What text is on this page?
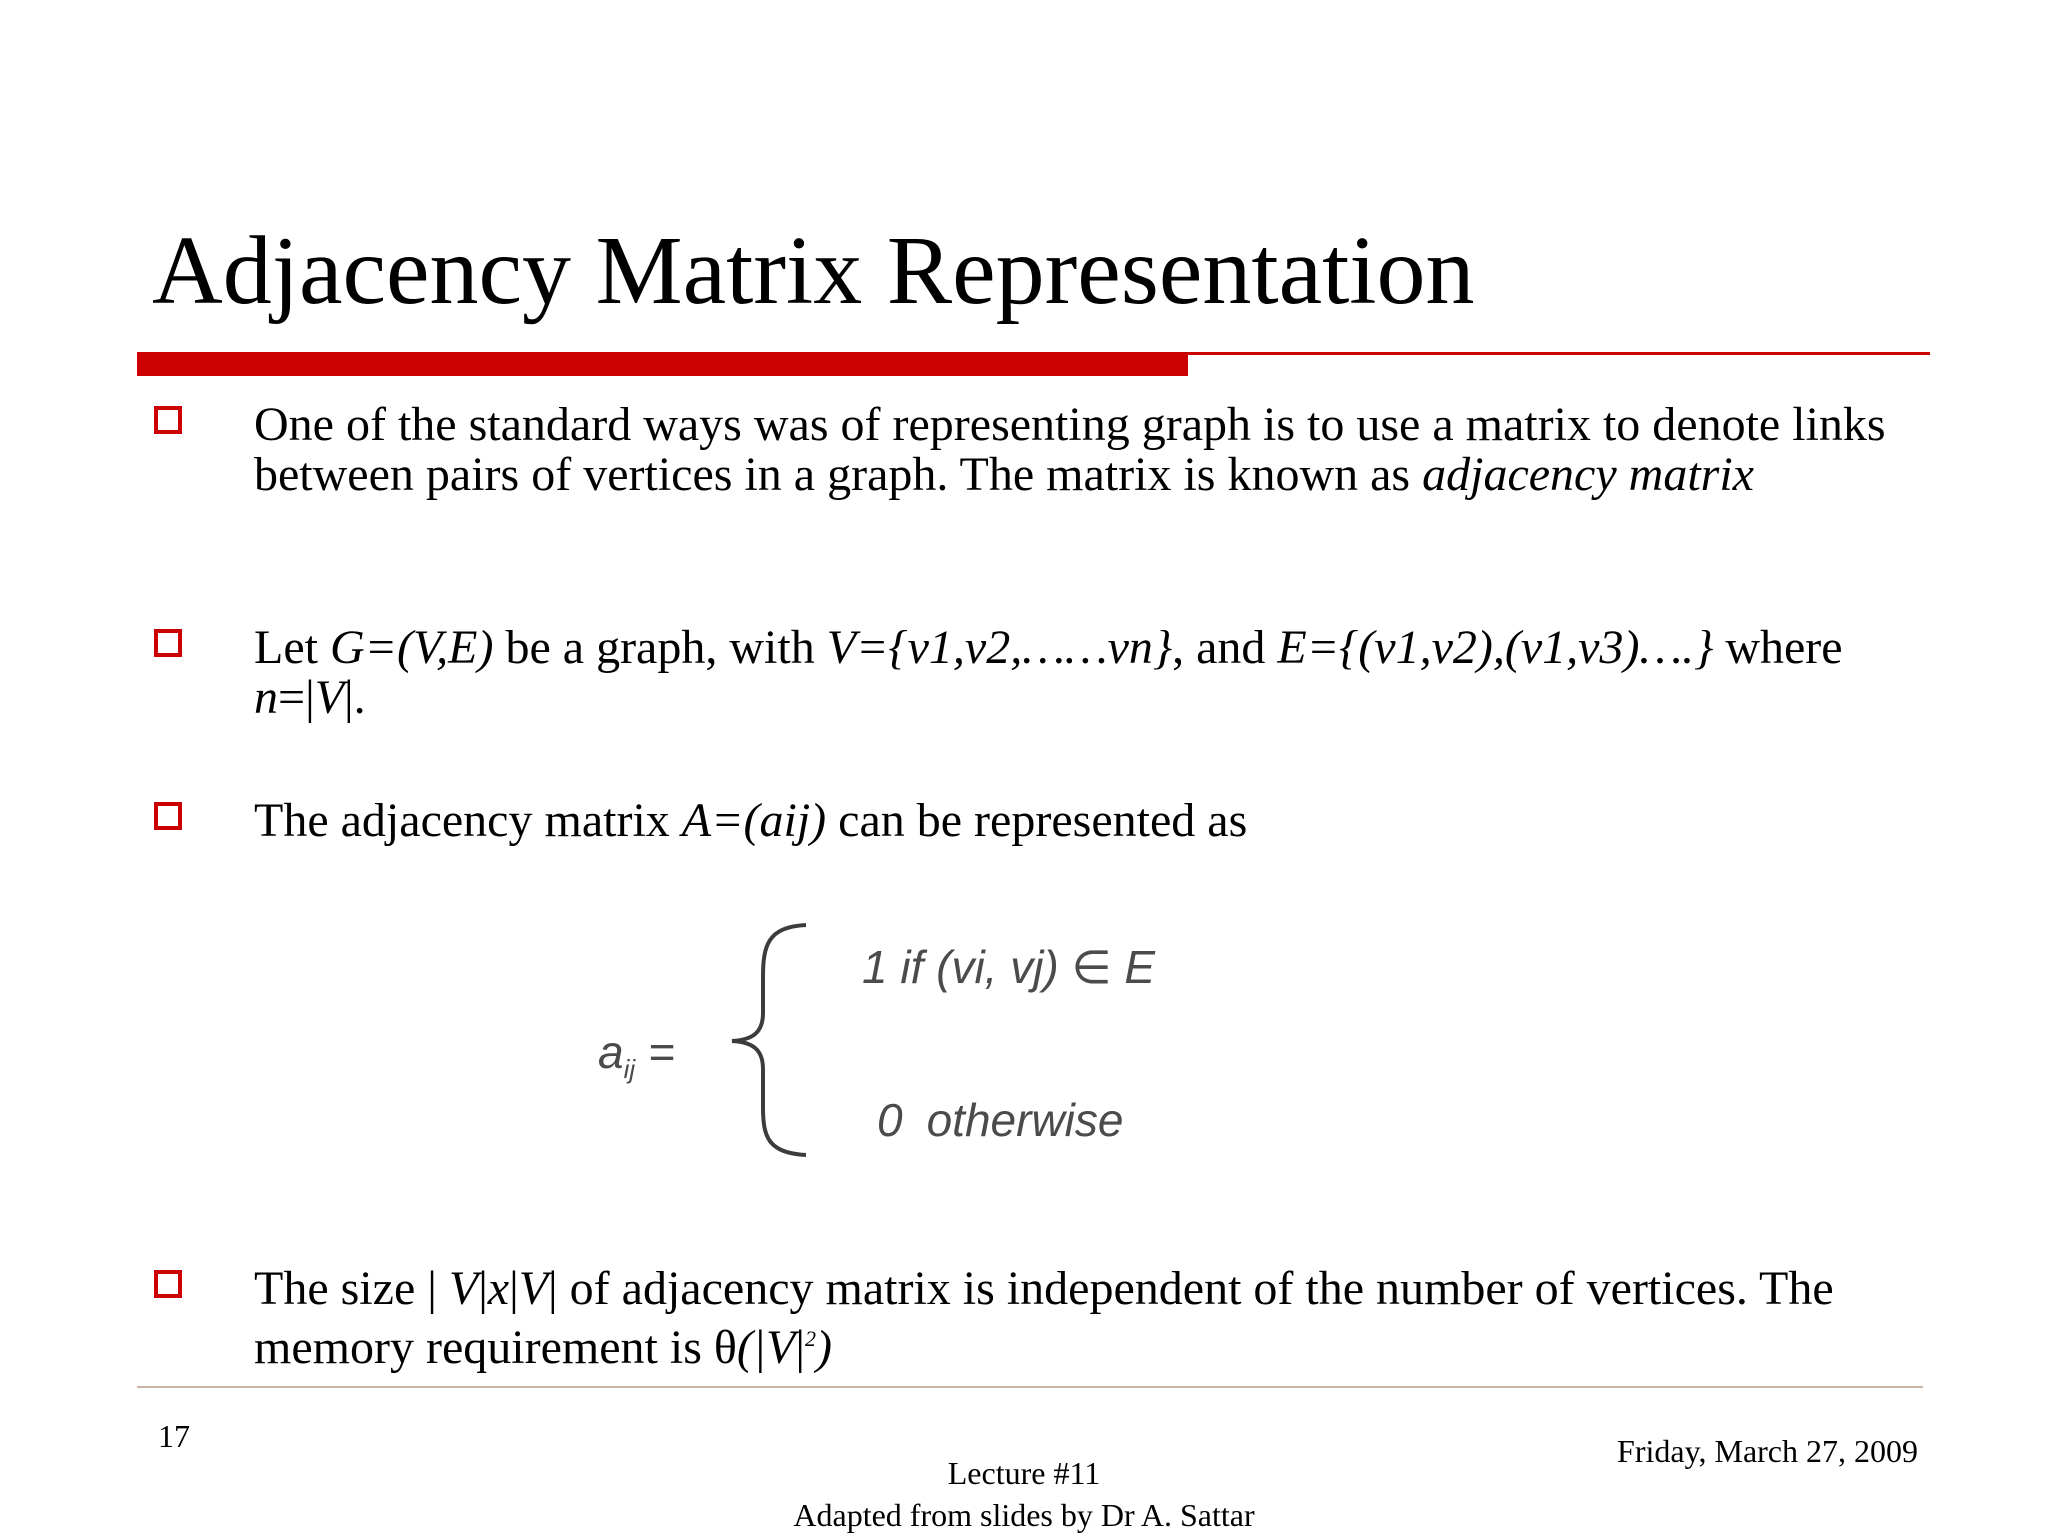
Adjacency Matrix Representation
One of the standard ways was of representing graph is to use a matrix to denote links between pairs of vertices in a graph. The matrix is known as adjacency matrix
Let G=(V,E) be a graph, with V={v1,v2,……vn}, and E={(v1,v2),(v1,v3)….} where n=|V|.
The adjacency matrix A=(aij) can be represented as
$a_{ij}$ =
1 if (vi, vj) ∈ E
0 otherwise
The size | V|x|V| of adjacency matrix is independent of the number of vertices. The memory requirement is $\theta(|V|^2)$
17	Friday, March 27, 2009
Lecture #11
Adapted from slides by Dr A. Sattar
